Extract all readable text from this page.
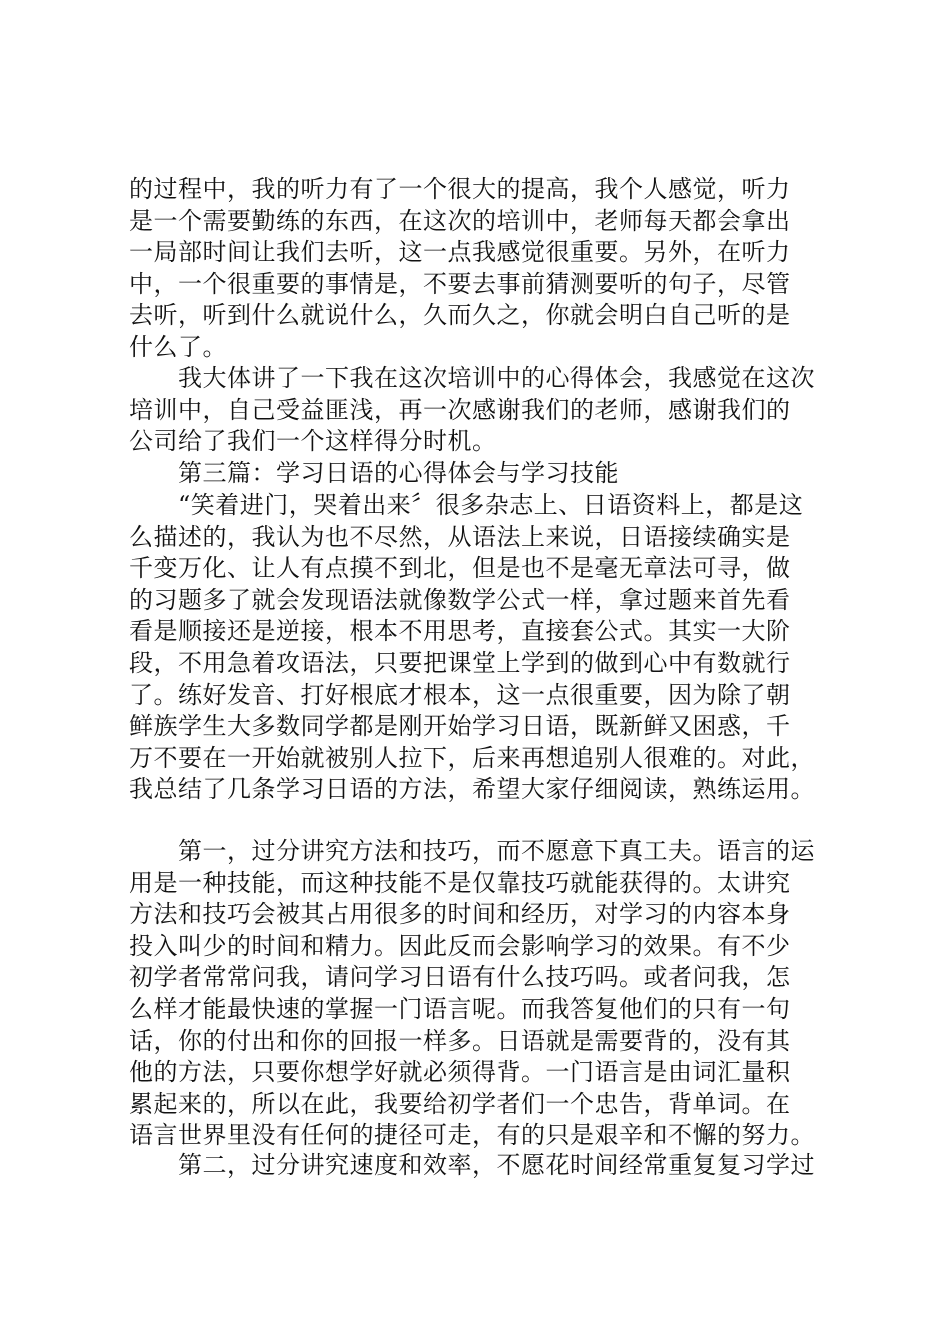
的过程中，我的听力有了一个很大的提高，我个人感觉，听力
是一个需要勤练的东西，在这次的培训中，老师每天都会拿出
一局部时间让我们去听，这一点我感觉很重要。另外，在听力
中，一个很重要的事情是，不要去事前猜测要听的句子，尽管
去听，听到什么就说什么，久而久之，你就会明白自己听的是
什么了。
我大体讲了一下我在这次培训中的心得体会，我感觉在这次
培训中，自己受益匪浅，再一次感谢我们的老师，感谢我们的
公司给了我们一个这样得分时机。
第三篇：学习日语的心得体会与学习技能
“笑着进门，哭着出来〞很多杂志上、日语资料上，都是这
么描述的，我认为也不尽然，从语法上来说，日语接续确实是
千变万化、让人有点摸不到北，但是也不是毫无章法可寻，做
的习题多了就会发现语法就像数学公式一样，拿过题来首先看
看是顺接还是逆接，根本不用思考，直接套公式。其实一大阶
段，不用急着攻语法，只要把课堂上学到的做到心中有数就行
了。练好发音、打好根底才根本，这一点很重要，因为除了朝
鲜族学生大多数同学都是刚开始学习日语，既新鲜又困惑，千
万不要在一开始就被别人拉下，后来再想追别人很难的。对此，
我总结了几条学习日语的方法，希望大家仔细阅读，熟练运用。
第一，过分讲究方法和技巧，而不愿意下真工夫。语言的运
用是一种技能，而这种技能不是仅靠技巧就能获得的。太讲究
方法和技巧会被其占用很多的时间和经历，对学习的内容本身
投入叫少的时间和精力。因此反而会影响学习的效果。有不少
初学者常常问我，请问学习日语有什么技巧吗。或者问我，怎
么样才能最快速的掌握一门语言呢。而我答复他们的只有一句
话，你的付出和你的回报一样多。日语就是需要背的，没有其
他的方法，只要你想学好就必须得背。一门语言是由词汇量积
累起来的，所以在此，我要给初学者们一个忠告，背单词。在
语言世界里没有任何的捷径可走，有的只是艰辛和不懈的努力。
第二，过分讲究速度和效率，不愿花时间经常重复复习学过
